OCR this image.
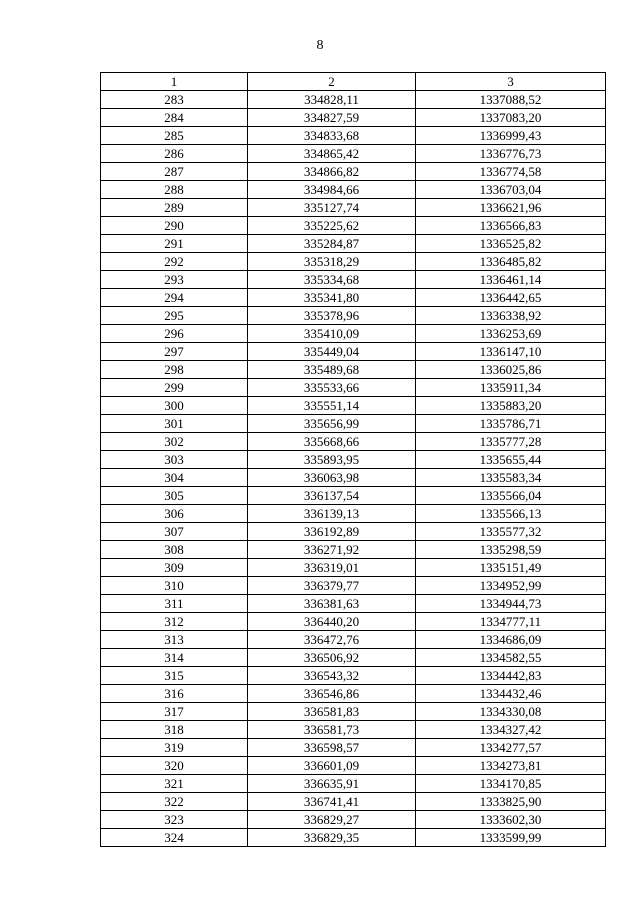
8
1	2	3
283	334828,11	1337088,52
284	334827,59	1337083,20
285	334833,68	1336999,43
286	334865,42	1336776,73
287	334866,82	1336774,58
288	334984,66	1336703,04
289	335127,74	1336621,96
290	335225,62	1336566,83
291	335284,87	1336525,82
292	335318,29	1336485,82
293	335334,68	1336461,14
294	335341,80	1336442,65
295	335378,96	1336338,92
296	335410,09	1336253,69
297	335449,04	1336147,10
298	335489,68	1336025,86
299	335533,66	1335911,34
300	335551,14	1335883,20
301	335656,99	1335786,71
302	335668,66	1335777,28
303	335893,95	1335655,44
304	336063,98	1335583,34
305	336137,54	1335566,04
306	336139,13	1335566,13
307	336192,89	1335577,32
308	336271,92	1335298,59
309	336319,01	1335151,49
310	336379,77	1334952,99
311	336381,63	1334944,73
312	336440,20	1334777,11
313	336472,76	1334686,09
314	336506,92	1334582,55
315	336543,32	1334442,83
316	336546,86	1334432,46
317	336581,83	1334330,08
318	336581,73	1334327,42
319	336598,57	1334277,57
320	336601,09	1334273,81
321	336635,91	1334170,85
322	336741,41	1333825,90
323	336829,27	1333602,30
324	336829,35	1333599,99
